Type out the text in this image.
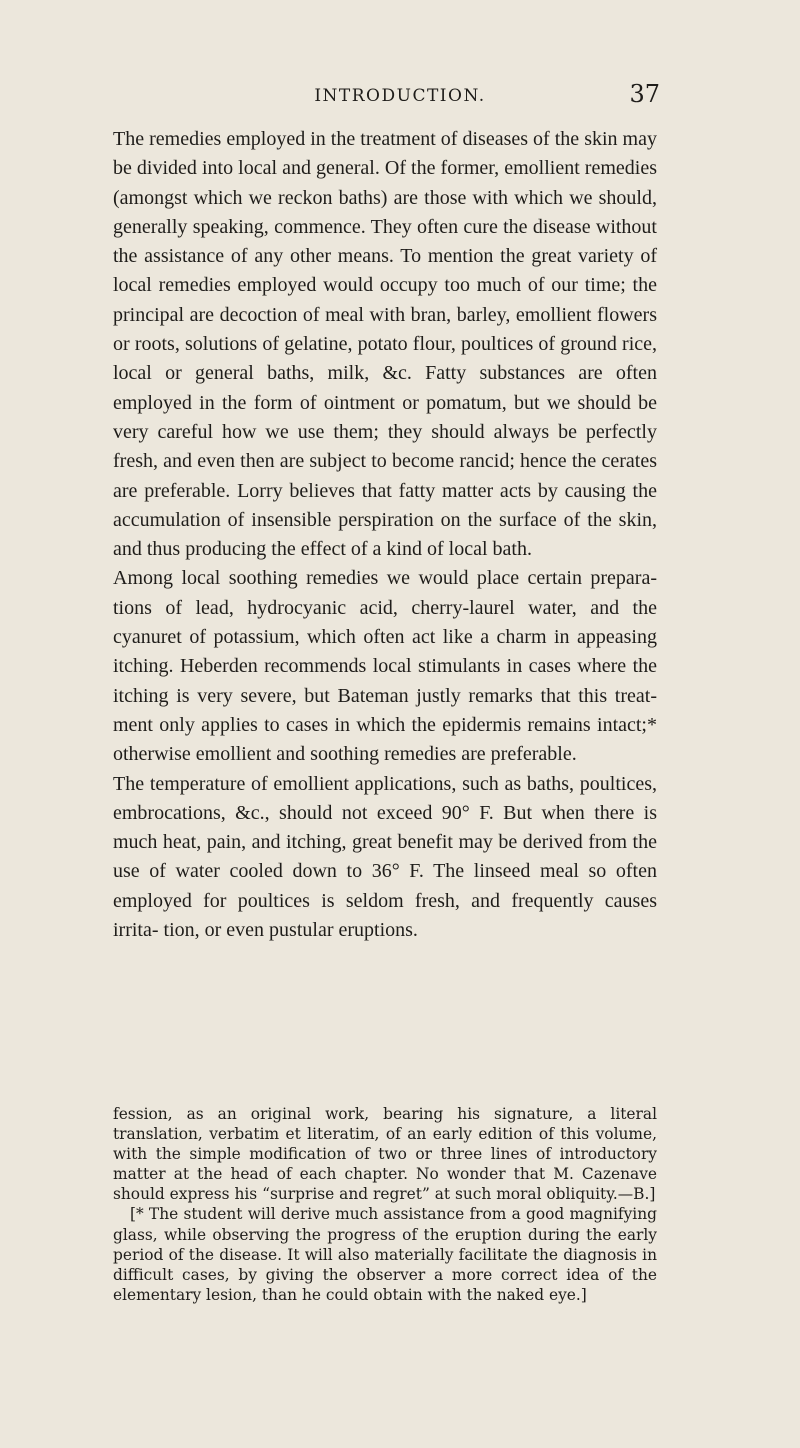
INTRODUCTION.	37

The remedies employed in the treatment of diseases of the skin may be divided into local and general. Of the former, emollient remedies (amongst which we reckon baths) are those with which we should, generally speaking, commence. They often cure the disease without the assistance of any other means. To mention the great variety of local remedies employed would occupy too much of our time; the principal are decoction of meal with bran, barley, emollient flowers or roots, solutions of gelatine, potato flour, poultices of ground rice, local or general baths, milk, &c. Fatty substances are often employed in the form of ointment or pomatum, but we should be very careful how we use them; they should always be perfectly fresh, and even then are subject to become rancid; hence the cerates are preferable. Lorry believes that fatty matter acts by causing the accumulation of insensible perspiration on the surface of the skin, and thus producing the effect of a kind of local bath.

Among local soothing remedies we would place certain prepara- tions of lead, hydrocyanic acid, cherry-laurel water, and the cyanuret of potassium, which often act like a charm in appeasing itching. Heberden recommends local stimulants in cases where the itching is very severe, but Bateman justly remarks that this treat- ment only applies to cases in which the epidermis remains intact;* otherwise emollient and soothing remedies are preferable.

The temperature of emollient applications, such as baths, poultices, embrocations, &c., should not exceed 90° F. But when there is much heat, pain, and itching, great benefit may be derived from the use of water cooled down to 36° F. The linseed meal so often employed for poultices is seldom fresh, and frequently causes irrita- tion, or even pustular eruptions.

fession, as an original work, bearing his signature, a literal translation, verbatim et literatim, of an early edition of this volume, with the simple modification of two or three lines of introductory matter at the head of each chapter. No wonder that M. Cazenave should express his “surprise and regret” at such moral obliquity.—B.]

[* The student will derive much assistance from a good magnifying glass, while observing the progress of the eruption during the early period of the disease. It will also materially facilitate the diagnosis in difficult cases, by giving the observer a more correct idea of the elementary lesion, than he could obtain with the naked eye.]
